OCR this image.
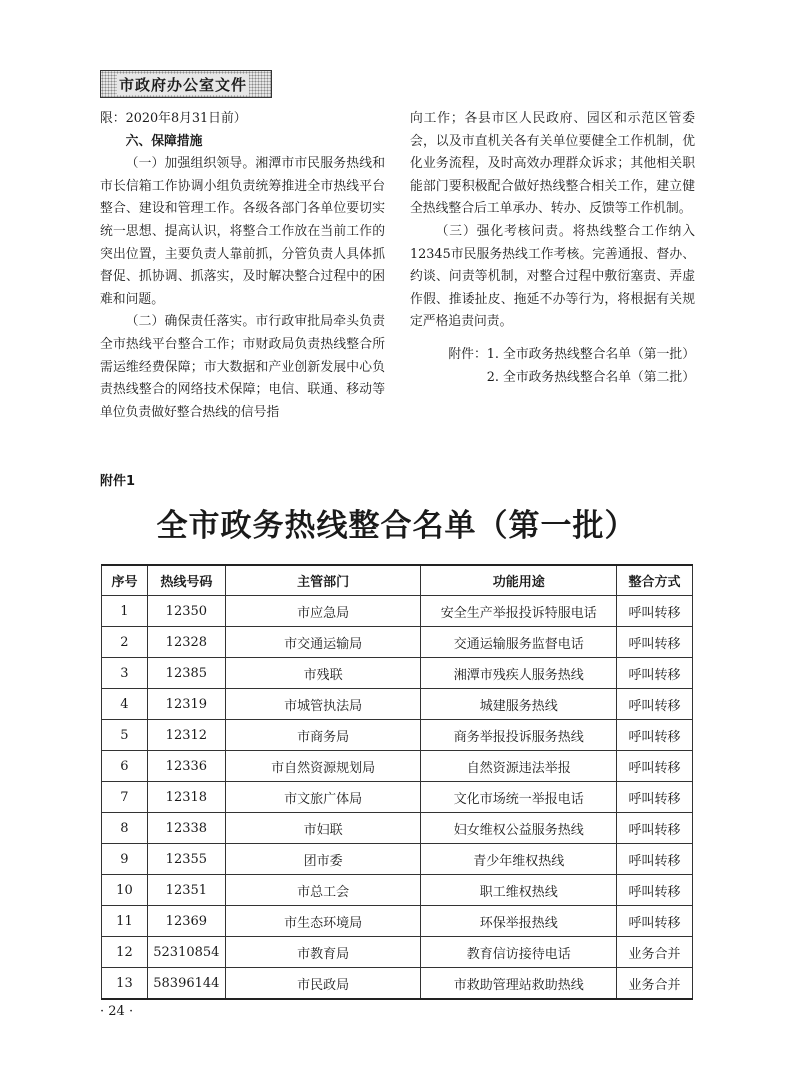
市政府办公室文件

限：2020年8月31日前）

六、保障措施

（一）加强组织领导。湘潭市市民服务热线和市长信箱工作协调小组负责统筹推进全市热线平台整合、建设和管理工作。各级各部门各单位要切实统一思想、提高认识，将整合工作放在当前工作的突出位置，主要负责人靠前抓，分管负责人具体抓督促、抓协调、抓落实，及时解决整合过程中的困难和问题。

（二）确保责任落实。市行政审批局牵头负责全市热线平台整合工作；市财政局负责热线整合所需运维经费保障；市大数据和产业创新发展中心负责热线整合的网络技术保障；电信、联通、移动等单位负责做好整合热线的信号指

向工作；各县市区人民政府、园区和示范区管委会，以及市直机关各有关单位要健全工作机制，优化业务流程，及时高效办理群众诉求；其他相关职能部门要积极配合做好热线整合相关工作，建立健全热线整合后工单承办、转办、反馈等工作机制。

（三）强化考核问责。将热线整合工作纳入12345市民服务热线工作考核。完善通报、督办、约谈、问责等机制，对整合过程中敷衍塞责、弄虚作假、推诿扯皮、拖延不办等行为，将根据有关规定严格追责问责。

附件：1. 全市政务热线整合名单（第一批）

2. 全市政务热线整合名单（第二批）

附件1
全市政务热线整合名单（第一批）
序号	热线号码	主管部门	功能用途	整合方式
1	12350	市应急局	安全生产举报投诉特服电话	呼叫转移
2	12328	市交通运输局	交通运输服务监督电话	呼叫转移
3	12385	市残联	湘潭市残疾人服务热线	呼叫转移
4	12319	市城管执法局	城建服务热线	呼叫转移
5	12312	市商务局	商务举报投诉服务热线	呼叫转移
6	12336	市自然资源规划局	自然资源违法举报	呼叫转移
7	12318	市文旅广体局	文化市场统一举报电话	呼叫转移
8	12338	市妇联	妇女维权公益服务热线	呼叫转移
9	12355	团市委	青少年维权热线	呼叫转移
10	12351	市总工会	职工维权热线	呼叫转移
11	12369	市生态环境局	环保举报热线	呼叫转移
12	52310854	市教育局	教育信访接待电话	业务合并
13	58396144	市民政局	市救助管理站救助热线	业务合并
· 24 ·
